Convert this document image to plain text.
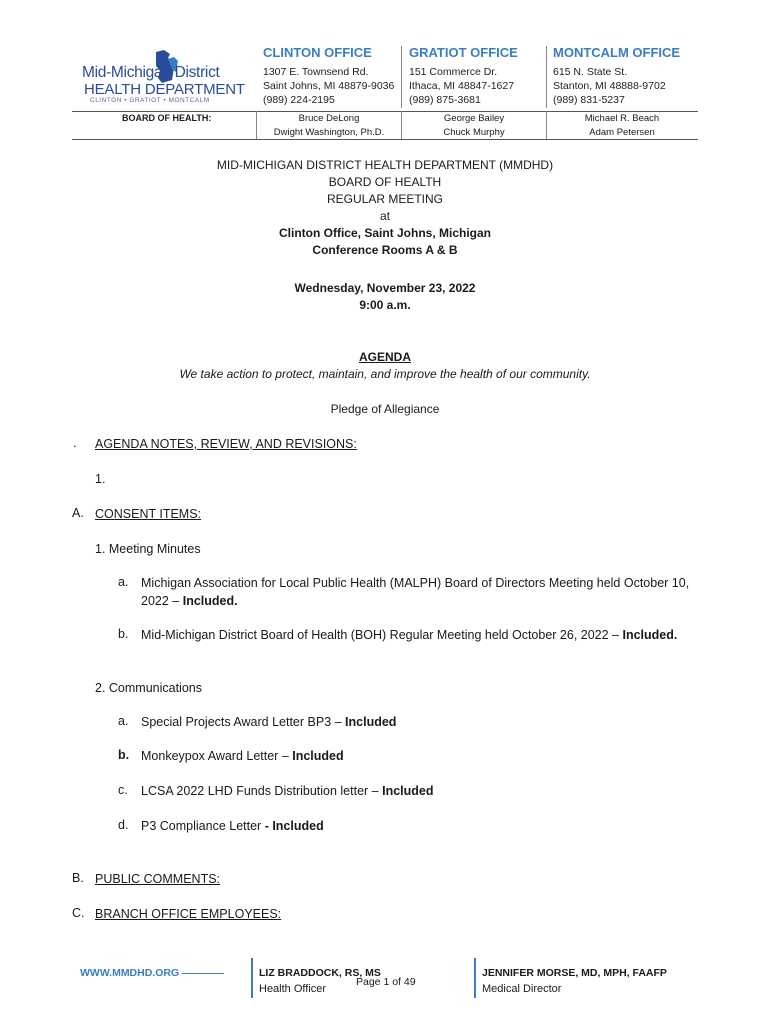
Mid-Michigan District
HEALTH DEPARTMENT
CLINTON • GRATIOT • MONTCALM
CLINTON OFFICE
1307 E. Townsend Rd.
Saint Johns, MI 48879-9036
(989) 224-2195
GRATIOT OFFICE
151 Commerce Dr.
Ithaca, MI 48847-1627
(989) 875-3681
MONTCALM OFFICE
615 N. State St.
Stanton, MI 48888-9702
(989) 831-5237
BOARD OF HEALTH:	Bruce DeLong
Dwight Washington, Ph.D.
George Bailey
Chuck Murphy
Michael R. Beach
Adam Petersen
MID-MICHIGAN DISTRICT HEALTH DEPARTMENT (MMDHD)
BOARD OF HEALTH
REGULAR MEETING
at
Clinton Office, Saint Johns, Michigan
Conference Rooms A & B
Wednesday, November 23, 2022
9:00 a.m.
AGENDA
We take action to protect, maintain, and improve the health of our community.
Pledge of Allegiance
. AGENDA NOTES, REVIEW, AND REVISIONS:
1.
A. CONSENT ITEMS:
1. Meeting Minutes
a. Michigan Association for Local Public Health (MALPH) Board of Directors Meeting held October 10,
2022 – Included.
b. Mid-Michigan District Board of Health (BOH) Regular Meeting held October 26, 2022 – Included.
2. Communications
a. Special Projects Award Letter BP3 – Included
b. Monkeypox Award Letter – Included
c. LCSA 2022 LHD Funds Distribution letter – Included
d. P3 Compliance Letter - Included
B. PUBLIC COMMENTS:
C. BRANCH OFFICE EMPLOYEES:
WWW.MMDHD.ORG ————	LIZ BRADDOCK, RS, MS
Health Officer
Page 1 of 49
JENNIFER MORSE, MD, MPH, FAAFP
Medical Director
